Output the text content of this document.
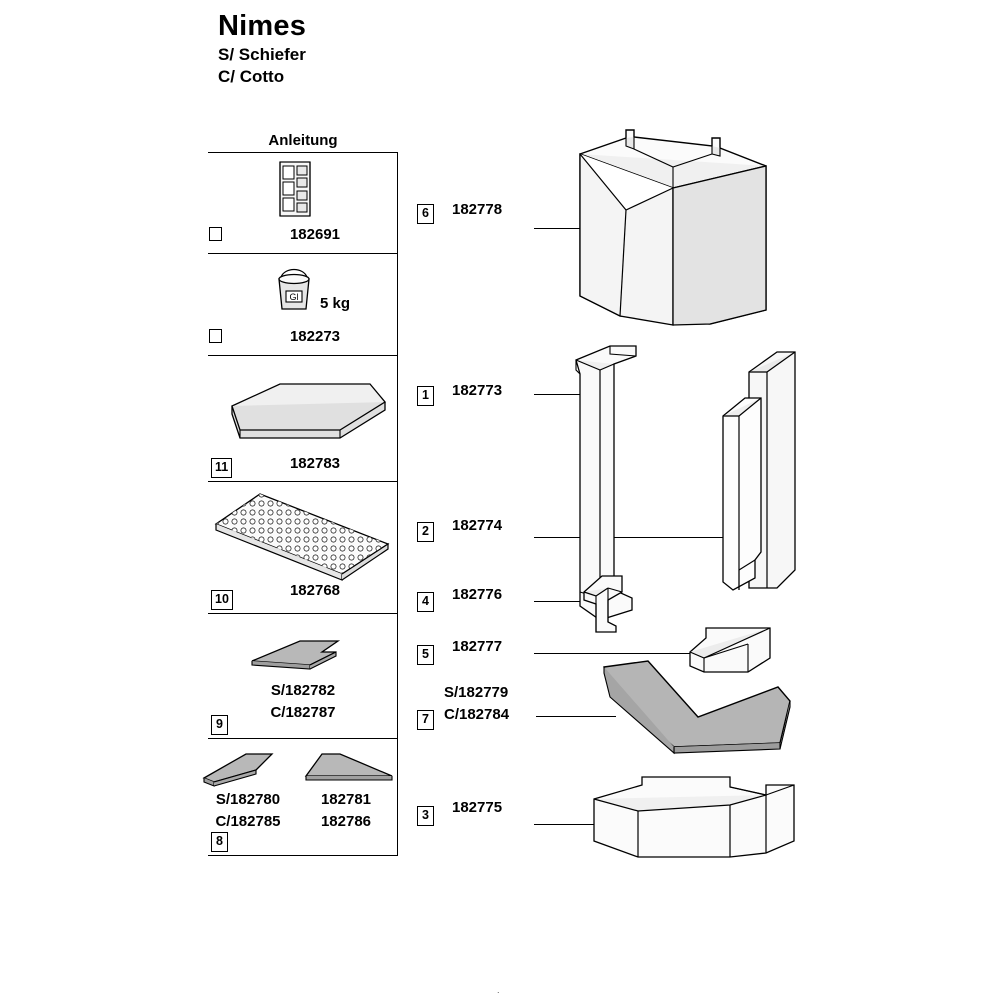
Nimes
S/ Schiefer
C/ Cotto
Anleitung
182691
Gl 5 kg
182273
11	182783
10	182768
S/182782
C/182787
9
S/182780
C/182785
182781
182786
8
6	182778
1	182773
2	182774
4	182776
5	182777
7
S/182779
C/182784
3	182775
.
